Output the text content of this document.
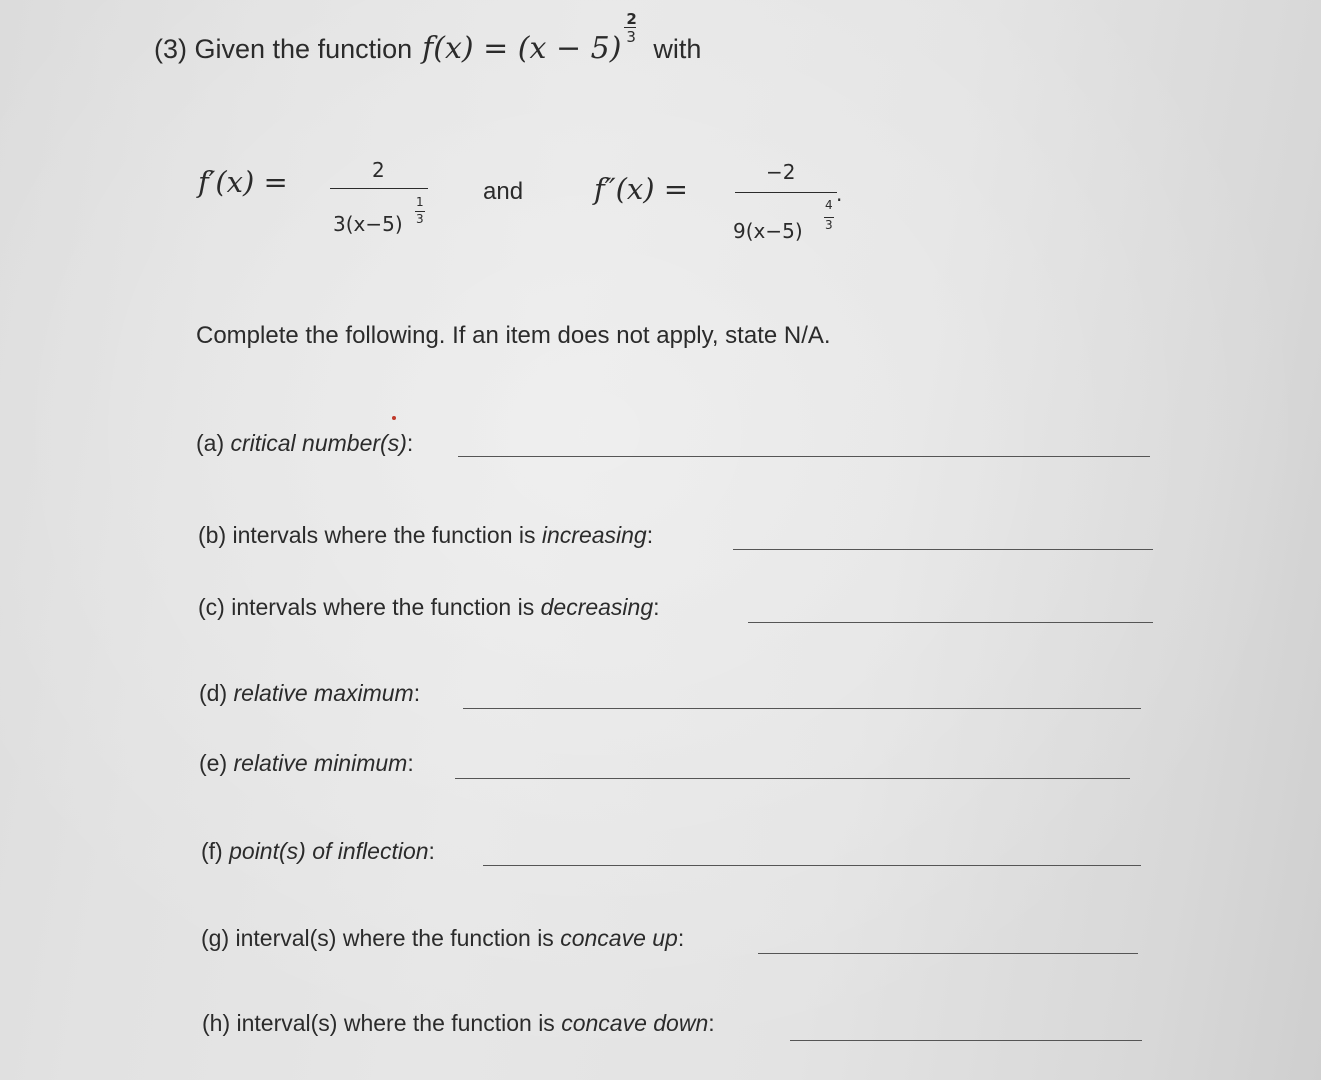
(3) Given the function $f(x) = (x - 5) \frac{2}{3}$ with
f′(x) =	2
3(x−5)
1
3
and f″(x) =	−2
9(x−5)
4
3
·
Complete the following. If an item does not apply, state N/A.
(a) critical number(s):
(b) intervals where the function is increasing:
(c) intervals where the function is decreasing:
(d) relative maximum:
(e) relative minimum:
(f) point(s) of inflection:
(g) interval(s) where the function is concave up:
(h) interval(s) where the function is concave down:
